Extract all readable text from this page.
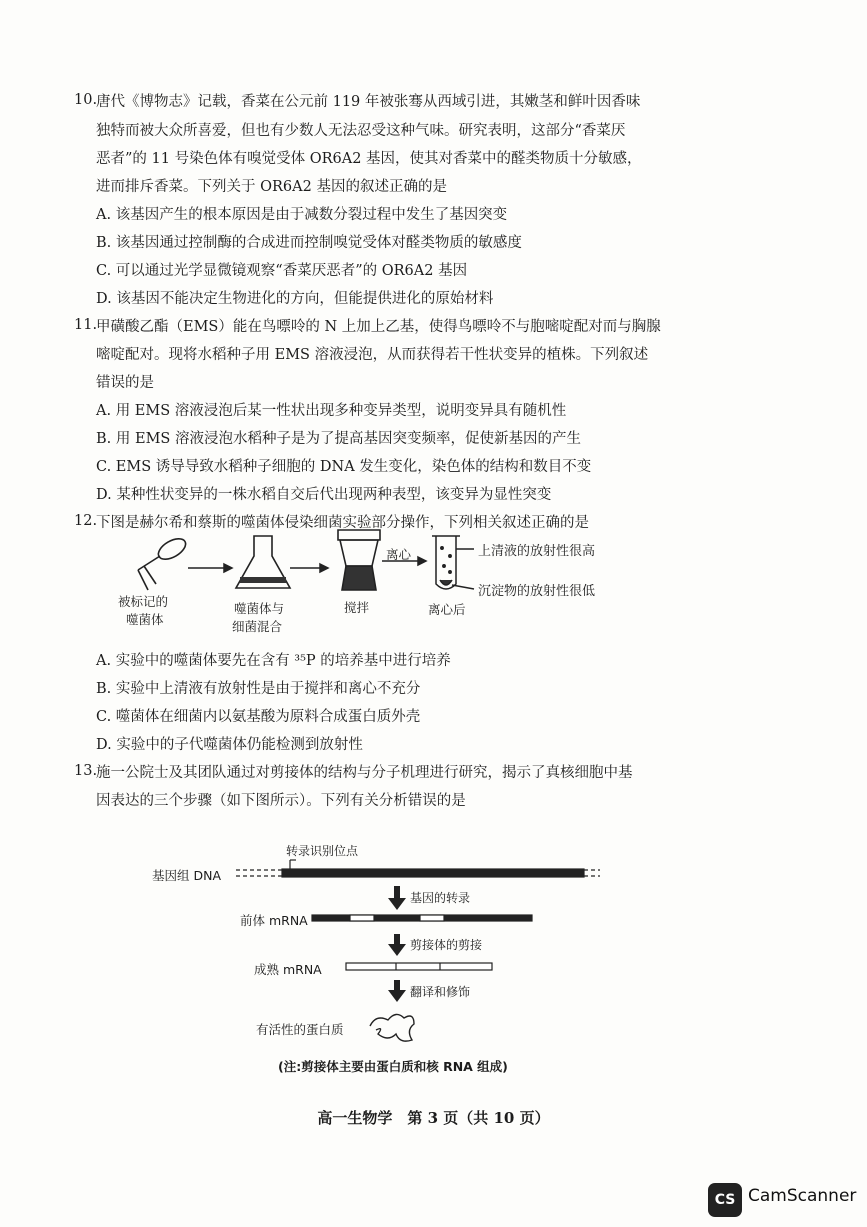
10.
唐代《博物志》记载，香菜在公元前 119 年被张骞从西域引进，其嫩茎和鲜叶因香味
独特而被大众所喜爱，但也有少数人无法忍受这种气味。研究表明，这部分“香菜厌
恶者”的 11 号染色体有嗅觉受体 OR6A2 基因，使其对香菜中的醛类物质十分敏感，
进而排斥香菜。下列关于 OR6A2 基因的叙述正确的是
A. 该基因产生的根本原因是由于减数分裂过程中发生了基因突变
B. 该基因通过控制酶的合成进而控制嗅觉受体对醛类物质的敏感度
C. 可以通过光学显微镜观察“香菜厌恶者”的 OR6A2 基因
D. 该基因不能决定生物进化的方向，但能提供进化的原始材料
11.
甲磺酸乙酯（EMS）能在鸟嘌呤的 N 上加上乙基，使得鸟嘌呤不与胞嘧啶配对而与胸腺
嘧啶配对。现将水稻种子用 EMS 溶液浸泡，从而获得若干性状变异的植株。下列叙述
错误的是
A. 用 EMS 溶液浸泡后某一性状出现多种变异类型，说明变异具有随机性
B. 用 EMS 溶液浸泡水稻种子是为了提高基因突变频率，促使新基因的产生
C. EMS 诱导导致水稻种子细胞的 DNA 发生变化，染色体的结构和数目不变
D. 某种性状变异的一株水稻自交后代出现两种表型，该变异为显性突变
12.
下图是赫尔希和蔡斯的噬菌体侵染细菌实验部分操作，下列相关叙述正确的是
离心	上清液的放射性很高
沉淀物的放射性很低
被标记的
噬菌体
噬菌体与
细菌混合
搅拌	离心后
A. 实验中的噬菌体要先在含有 ³⁵P 的培养基中进行培养
B. 实验中上清液有放射性是由于搅拌和离心不充分
C. 噬菌体在细菌内以氨基酸为原料合成蛋白质外壳
D. 实验中的子代噬菌体仍能检测到放射性
13.
施一公院士及其团队通过对剪接体的结构与分子机理进行研究，揭示了真核细胞中基
因表达的三个步骤（如下图所示）。下列有关分析错误的是
转录识别位点
基因组 DNA
基因的转录
前体 mRNA
剪接体的剪接
成熟 mRNA
翻译和修饰
有活性的蛋白质
(注:剪接体主要由蛋白质和核 RNA 组成)
高一生物学　第 3 页（共 10 页）
CS CamScanner
